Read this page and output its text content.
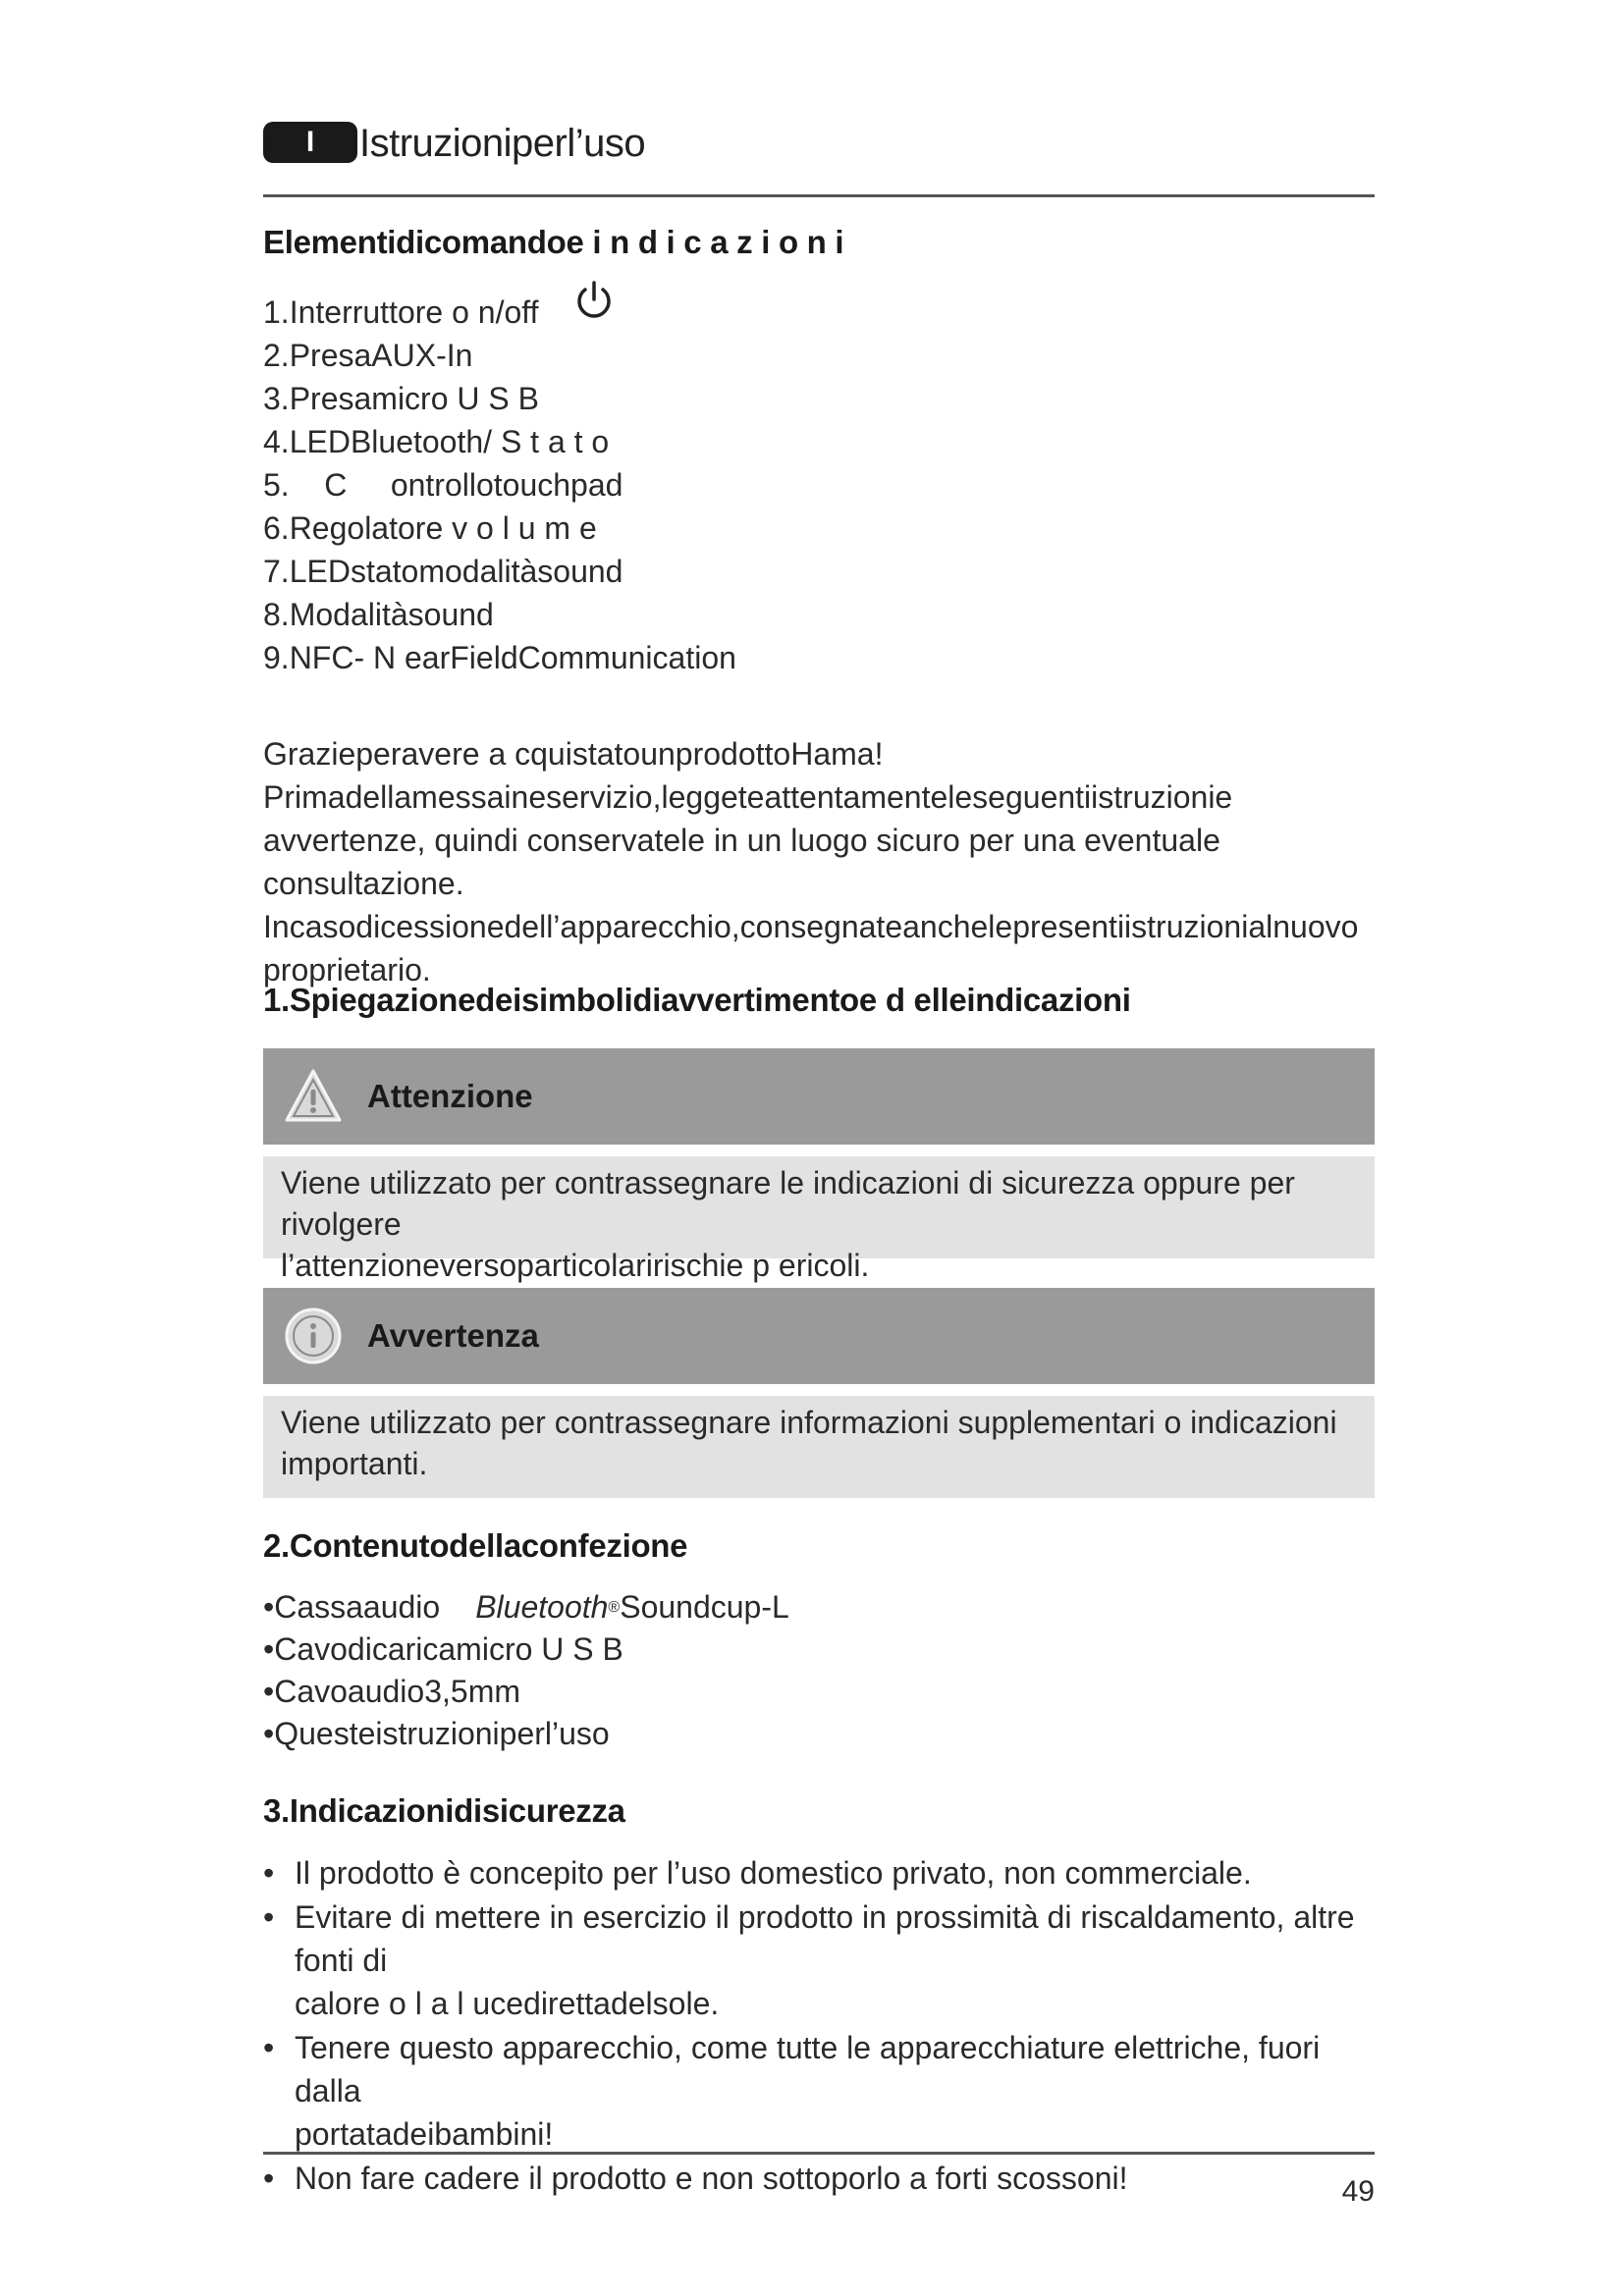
I	Istruzioniperl’uso
Elementidicomandoe i n d i c a z i o n i
1.Interruttore o n/off
2.PresaAUX-In
3.Presamicro U S B
4.LEDBluetooth/ S t a t o
5.    C     ontrollotouchpad
6.Regolatore v o l u m e
7.LEDstatomodalitàsound
8.Modalitàsound
9.NFC- N earFieldCommunication

Grazieperavere a cquistatounprodottoHama!

Primadellamessaineservizio,leggeteattentamenteleseguentiistruzionie

avvertenze, quindi conservatele in un luogo sicuro per una eventuale consultazione.

Incasodicessionedell’apparecchio,consegnateanchelepresentiistruzionialnuovo

proprietario.

1.Spiegazionedeisimbolidiavvertimentoe d elleindicazioni
Attenzione
Viene utilizzato per contrassegnare le indicazioni di sicurezza oppure per rivolgere
l’attenzioneversoparticolaririschie p ericoli.
Avvertenza
Viene utilizzato per contrassegnare informazioni supplementari o indicazioni
importanti.
2.Contenutodellaconfezione
•Cassaaudio Bluetooth®Soundcup-L
•Cavodicaricamicro U S B
•Cavoaudio3,5mm
•Questeistruzioniperl’uso
3.Indicazionidisicurezza
• Il prodotto è concepito per l’uso domestico privato, non commerciale.
• Evitare di mettere in esercizio il prodotto in prossimità di riscaldamento, altre fonti di
calore o l a l ucedirettadelsole.
• Tenere questo apparecchio, come tutte le apparecchiature elettriche, fuori dalla
portatadeibambini!
• Non fare cadere il prodotto e non sottoporlo a forti scossoni!	49
